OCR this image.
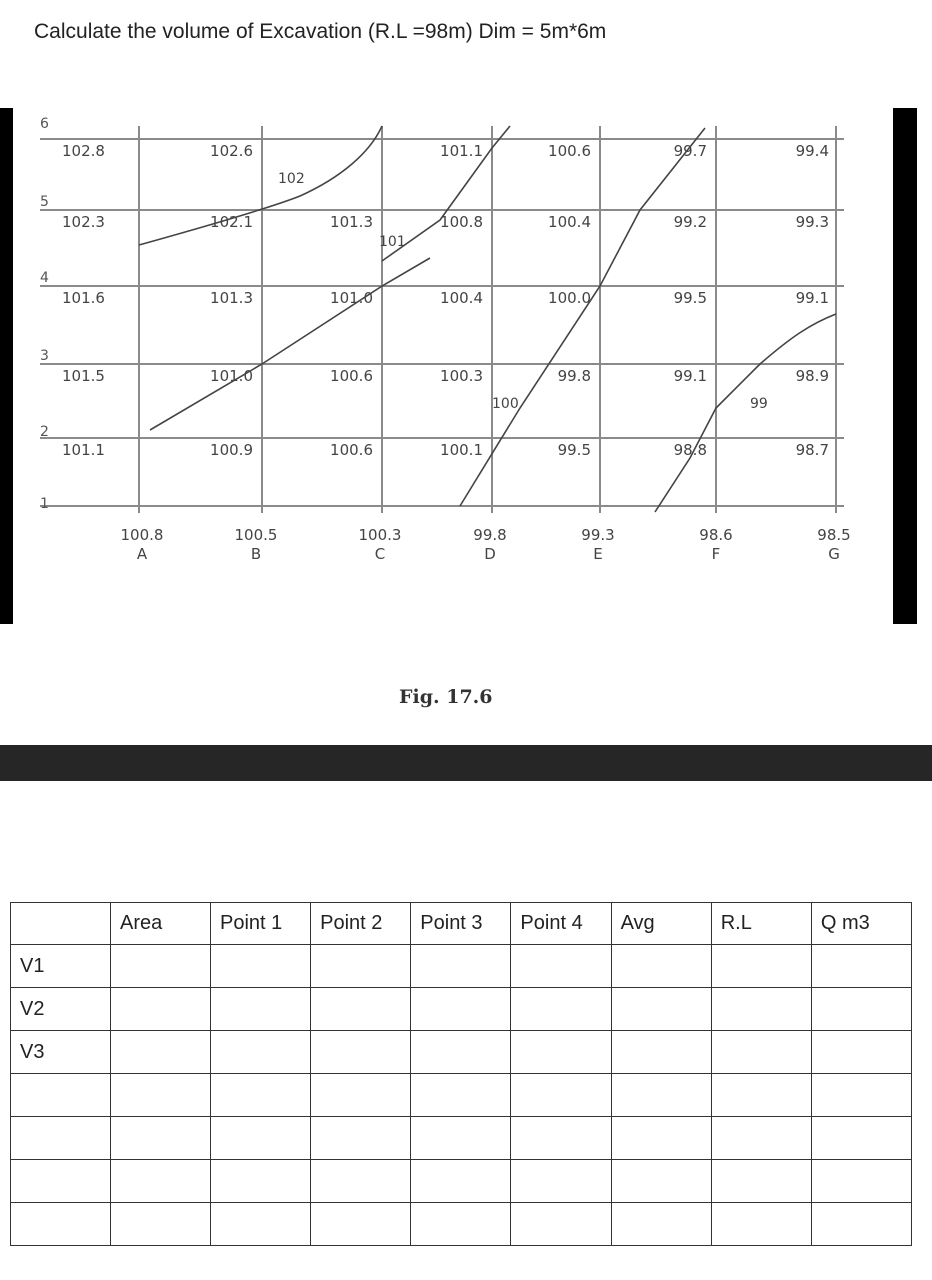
Calculate the volume of Excavation (R.L =98m) Dim = 5m*6m
6
5
4
3
2
1
102.8	102.6	101.1	100.6	99.7	99.4
102.3	102.1	101.3	100.8	100.4	99.2	99.3
101.6	101.3	101.0	100.4	100.0	99.5	99.1
101.5	101.0	100.6	100.3	99.8	99.1	98.9
101.1	100.9	100.6	100.1	99.5	98.8	98.7
102
101
100	99
100.8	100.5	100.3	99.8	99.3	98.6	98.5
A	B	C	D	E	F	G
Fig. 17.6
	Area	Point 1	Point 2	Point 3	Point 4	Avg	R.L	Q m3
V1								
V2								
V3								
